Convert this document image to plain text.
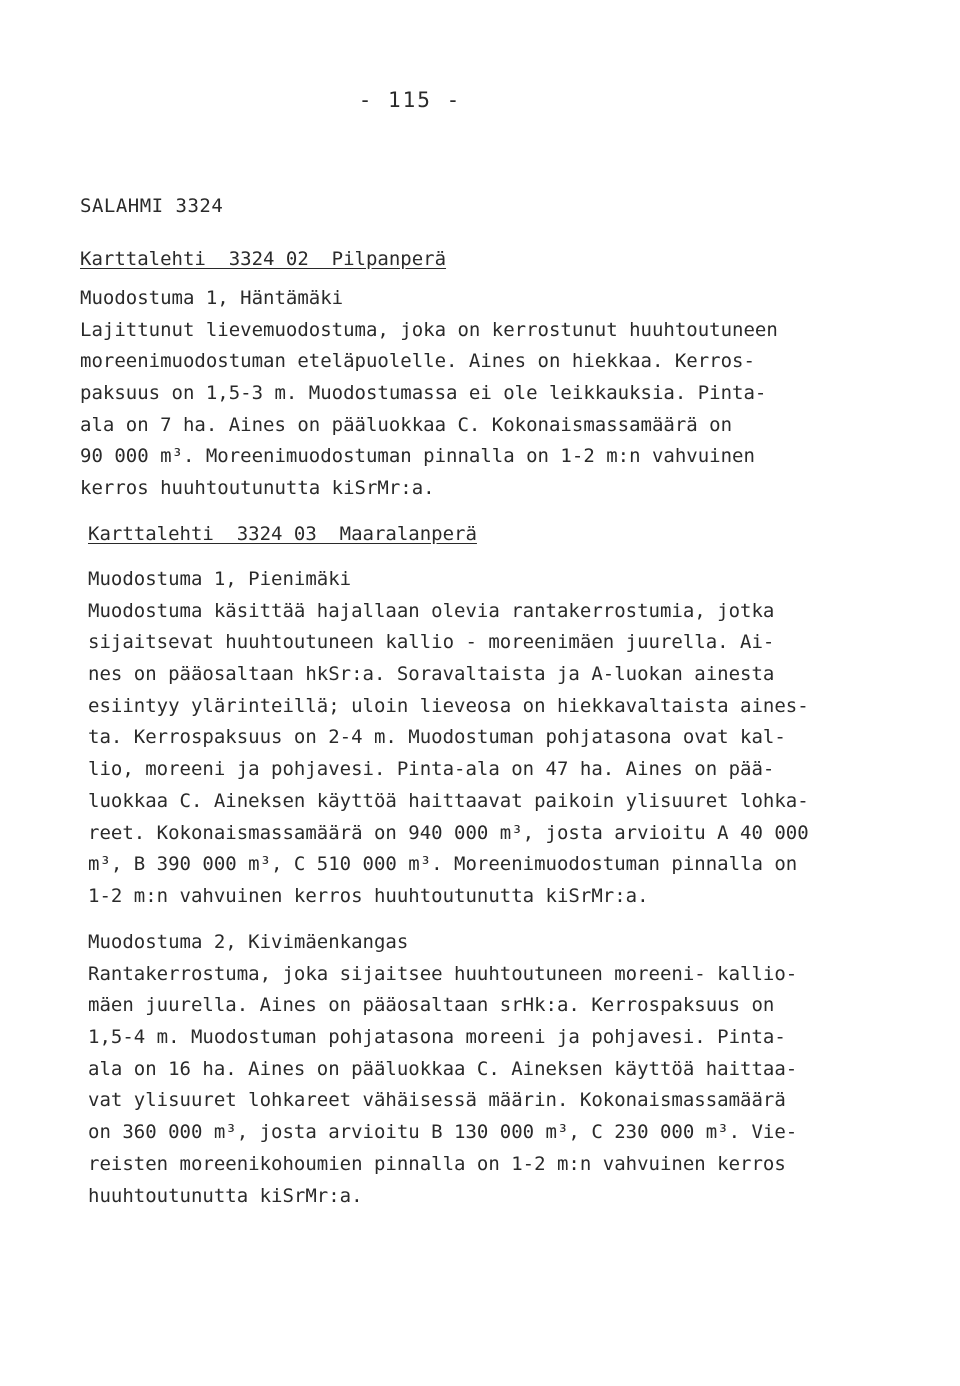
- 115 -
SALAHMI 3324
Karttalehti  3324 02  Pilpanperä
Muodostuma 1, Häntämäki
Lajittunut lievemuodostuma, joka on kerrostunut huuhtoutuneen
moreenimuodostuman eteläpuolelle. Aines on hiekkaa. Kerros-
paksuus on 1,5-3 m. Muodostumassa ei ole leikkauksia. Pinta-
ala on 7 ha. Aines on pääluokkaa C. Kokonaismassamäärä on
90 000 m³. Moreenimuodostuman pinnalla on 1-2 m:n vahvuinen
kerros huuhtoutunutta kiSrMr:a.
Karttalehti  3324 03  Maaralanperä
Muodostuma 1, Pienimäki
Muodostuma käsittää hajallaan olevia rantakerrostumia, jotka
sijaitsevat huuhtoutuneen kallio - moreenimäen juurella. Ai-
nes on pääosaltaan hkSr:a. Soravaltaista ja A-luokan ainesta
esiintyy ylärinteillä; uloin lieveosa on hiekkavaltaista aines-
ta. Kerrospaksuus on 2-4 m. Muodostuman pohjatasona ovat kal-
lio, moreeni ja pohjavesi. Pinta-ala on 47 ha. Aines on pää-
luokkaa C. Aineksen käyttöä haittaavat paikoin ylisuuret lohka-
reet. Kokonaismassamäärä on 940 000 m³, josta arvioitu A 40 000
m³, B 390 000 m³, C 510 000 m³. Moreenimuodostuman pinnalla on
1-2 m:n vahvuinen kerros huuhtoutunutta kiSrMr:a.
Muodostuma 2, Kivimäenkangas
Rantakerrostuma, joka sijaitsee huuhtoutuneen moreeni- kallio-
mäen juurella. Aines on pääosaltaan srHk:a. Kerrospaksuus on
1,5-4 m. Muodostuman pohjatasona moreeni ja pohjavesi. Pinta-
ala on 16 ha. Aines on pääluokkaa C. Aineksen käyttöä haittaa-
vat ylisuuret lohkareet vähäisessä määrin. Kokonaismassamäärä
on 360 000 m³, josta arvioitu B 130 000 m³, C 230 000 m³. Vie-
reisten moreenikohoumien pinnalla on 1-2 m:n vahvuinen kerros
huuhtoutunutta kiSrMr:a.
